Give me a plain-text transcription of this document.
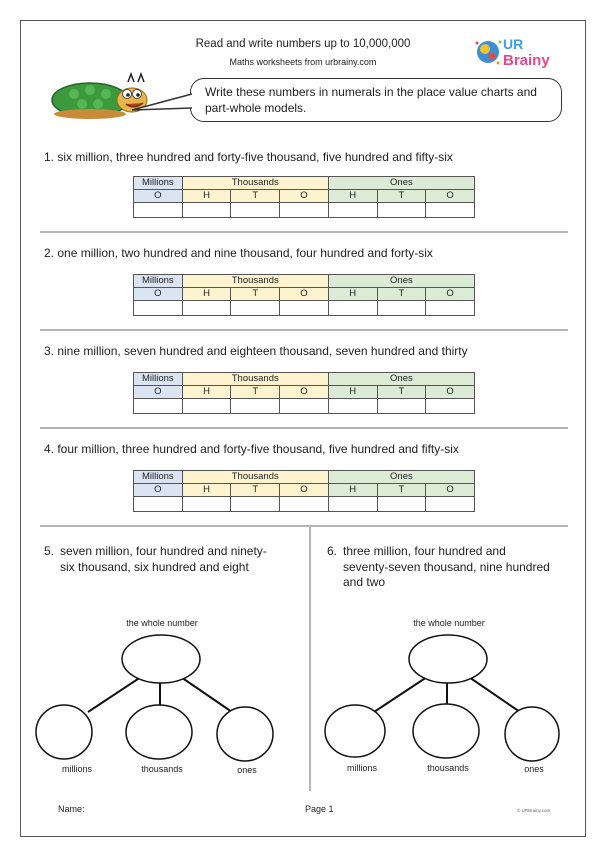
Read and write numbers up to 10,000,000
Maths worksheets from urbrainy.com
UR
Brainy
Write these numbers in numerals in the place value charts and part-whole models.
1. six million, three hundred and forty-five thousand, five hundred and fifty-six
Millions	Thousands			Ones		
O	H	T	O	H	T	O

2. one million, two hundred and nine thousand, four hundred and forty-six
Millions	Thousands			Ones		
O	H	T	O	H	T	O

3. nine million, seven hundred and eighteen thousand, seven hundred and thirty
Millions	Thousands			Ones		
O	H	T	O	H	T	O

4. four million, three hundred and forty-five thousand, five hundred and fifty-six
Millions	Thousands			Ones		
O	H	T	O	H	T	O

5. seven million, four hundred and ninety-six thousand, six hundred and eight
6. three million, four hundred and seventy-seven thousand, nine hundred and two
the whole number
millions	thousands	ones
the whole number
millions	thousands	ones
Name:	Page 1	© URBrainy.com
